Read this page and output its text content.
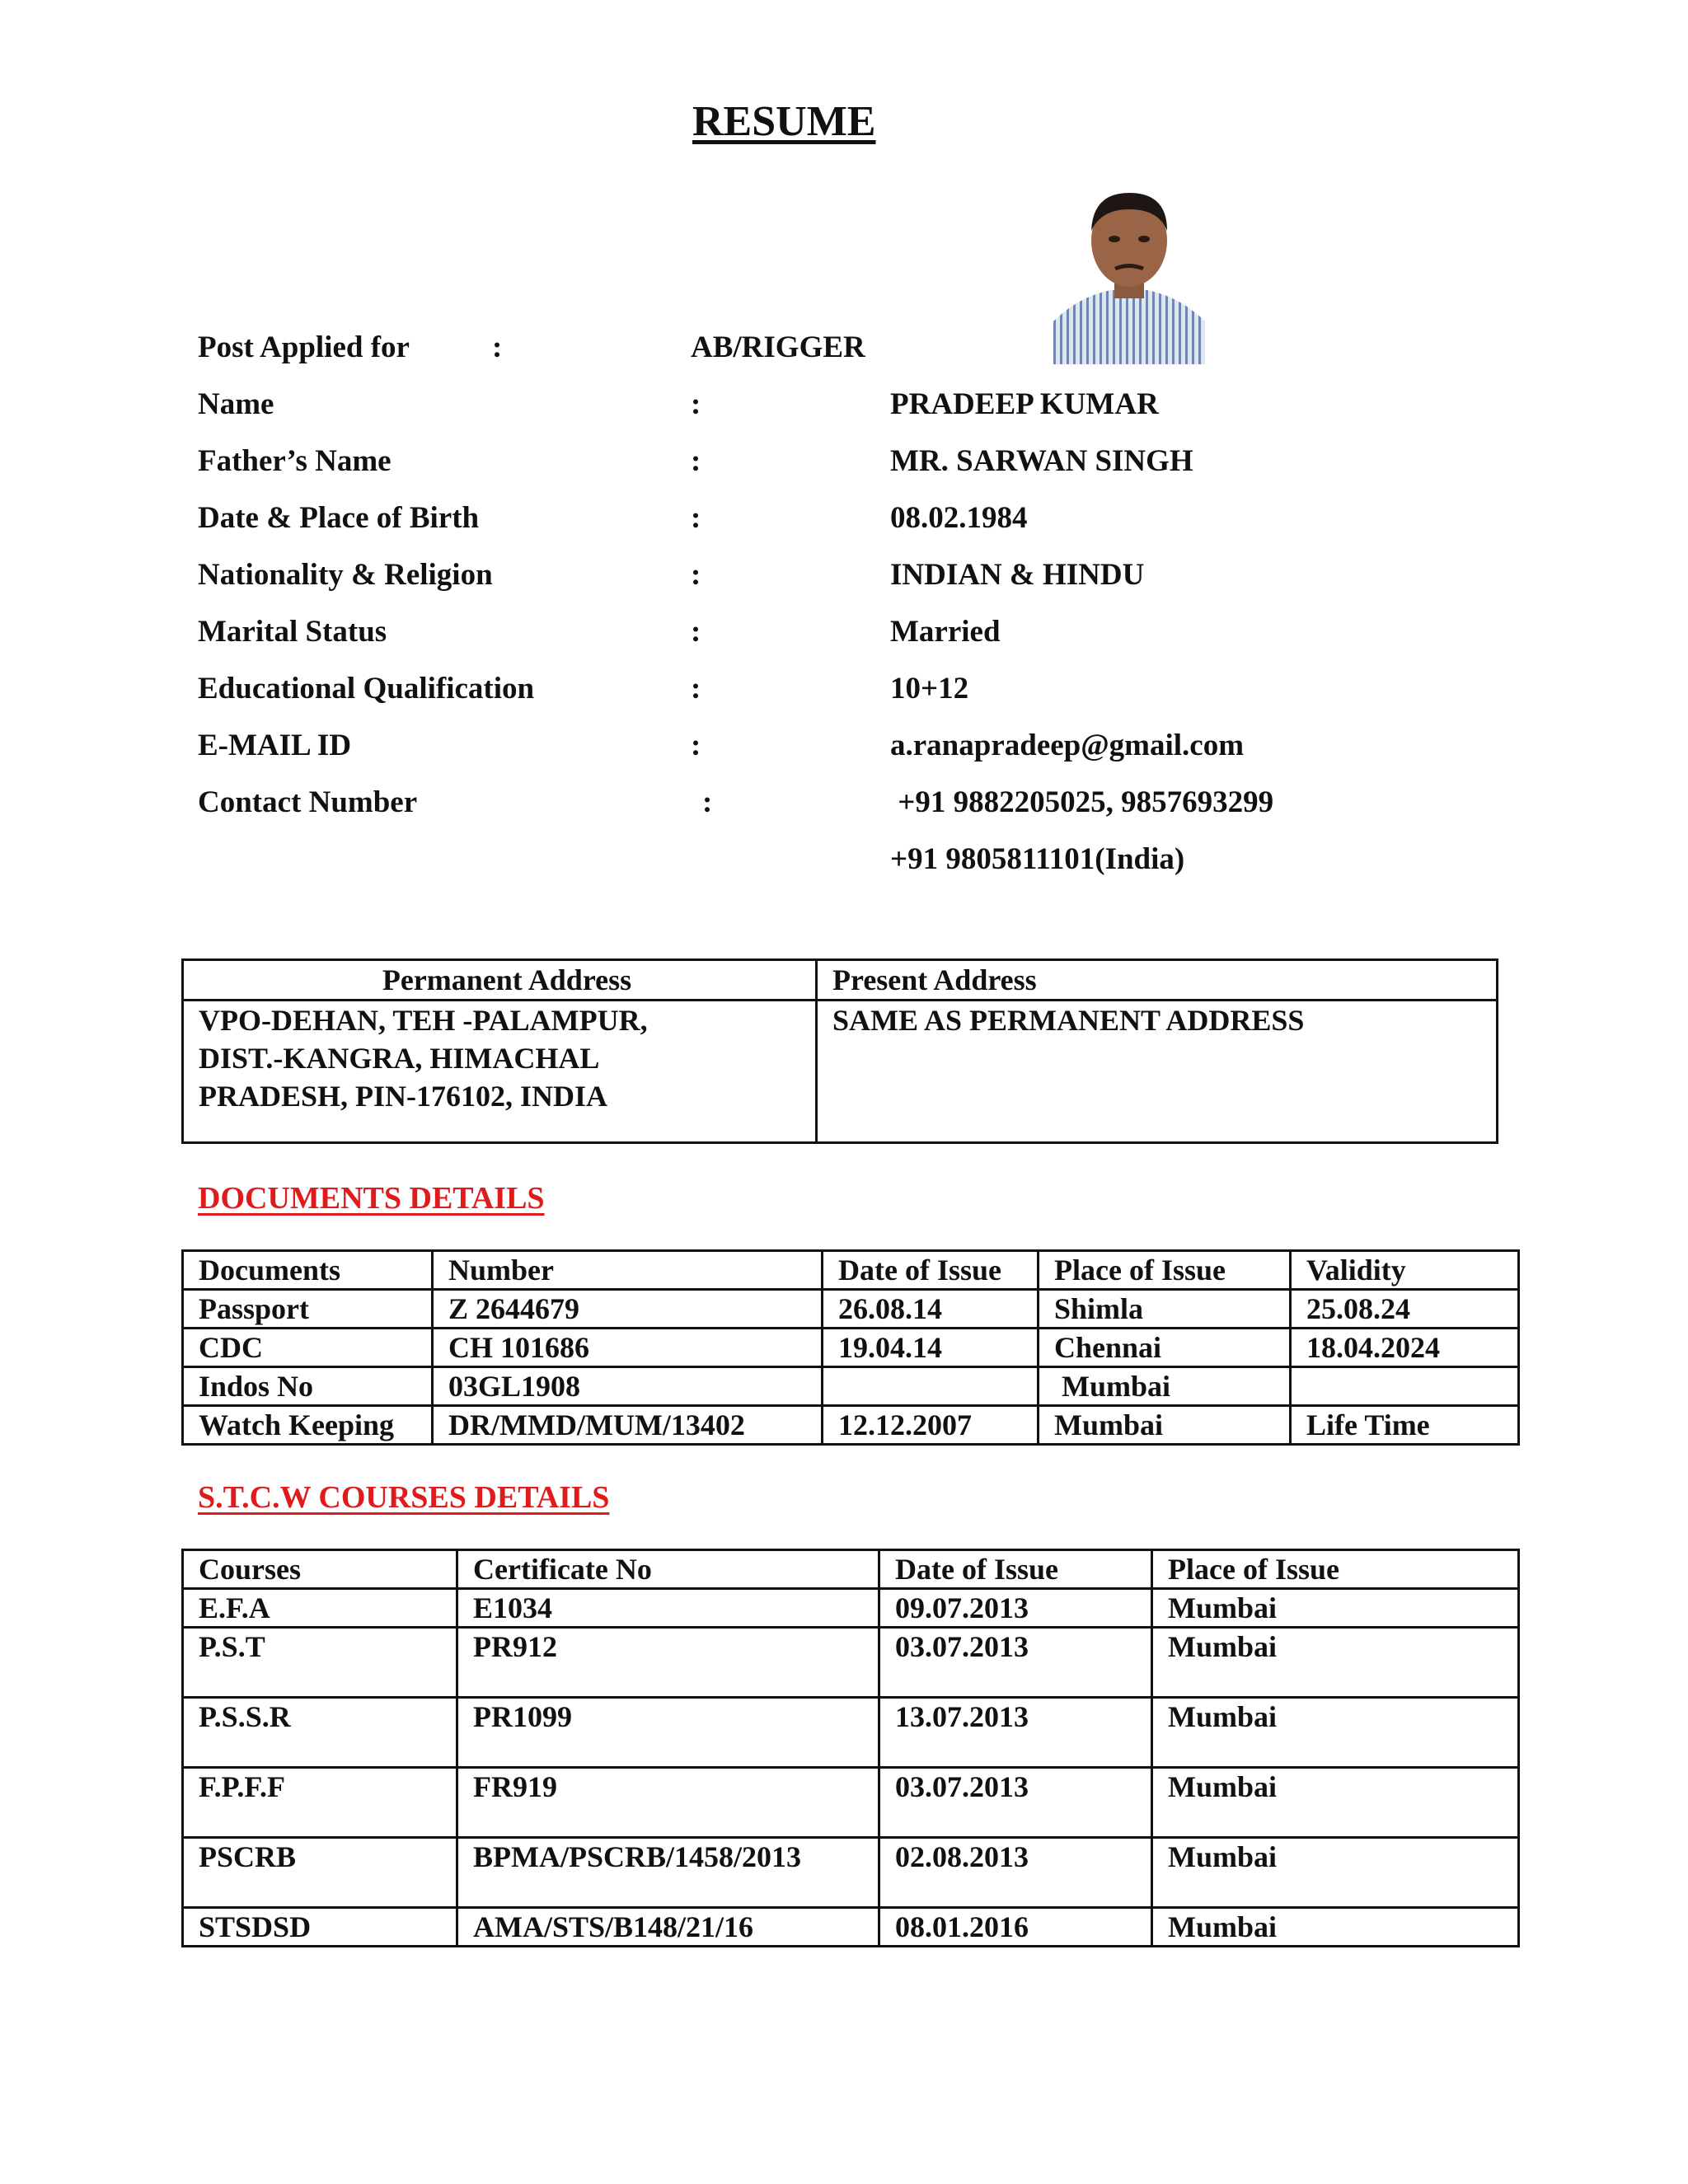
RESUME
Post Applied for	:	AB/RIGGER
Name	:	PRADEEP KUMAR
Father’s Name	:	MR. SARWAN SINGH
Date & Place of Birth	:	08.02.1984
Nationality & Religion	:	INDIAN & HINDU
Marital Status	:	Married
Educational Qualification	:	10+12
E-MAIL ID	:	a.ranapradeep@gmail.com
Contact Number	:	+91 9882205025, 9857693299
+91 9805811101(India)
Permanent Address	Present Address

VPO-DEHAN, TEH -PALAMPUR,
DIST.-KANGRA, HIMACHAL
PRADESH, PIN-176102, INDIA	SAME AS PERMANENT ADDRESS
DOCUMENTS DETAILS
Documents	Number	Date of Issue	Place of Issue	Validity
Passport	Z 2644679	26.08.14	Shimla	25.08.24
CDC	CH 101686	19.04.14	Chennai	18.04.2024
Indos No	03GL1908		Mumbai	
Watch Keeping	DR/MMD/MUM/13402	12.12.2007	Mumbai	Life Time
S.T.C.W COURSES DETAILS
Courses	Certificate No	Date of Issue	Place of Issue
E.F.A	E1034	09.07.2013	Mumbai
P.S.T	PR912	03.07.2013	Mumbai
P.S.S.R	PR1099	13.07.2013	Mumbai
F.P.F.F	FR919	03.07.2013	Mumbai
PSCRB	BPMA/PSCRB/1458/2013	02.08.2013	Mumbai
STSDSD	AMA/STS/B148/21/16	08.01.2016	Mumbai
